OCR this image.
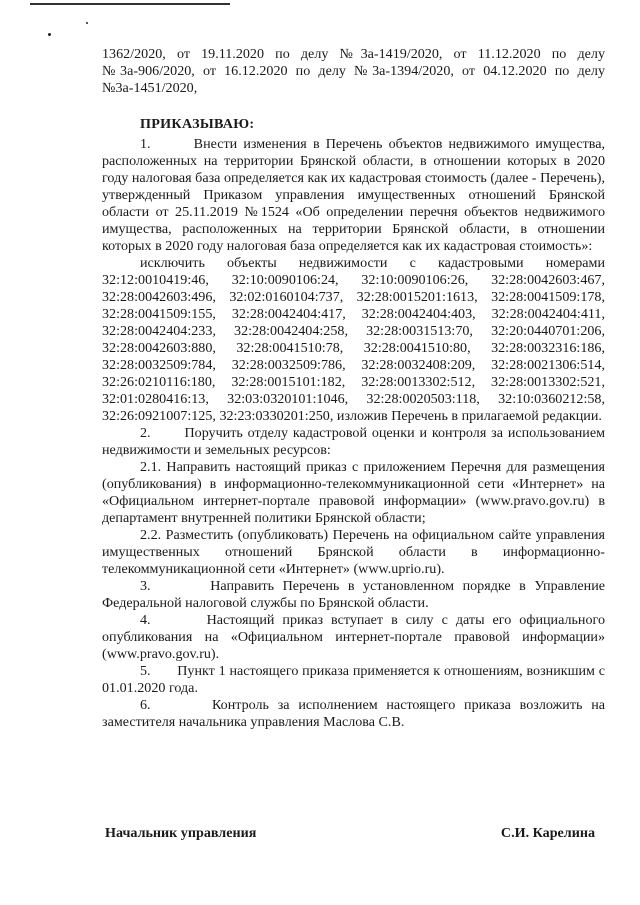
1362/2020, от 19.11.2020 по делу №3а-1419/2020, от 11.12.2020 по делу №3а-906/2020, от 16.12.2020 по делу №3а-1394/2020, от 04.12.2020 по делу №3а-1451/2020,

ПРИКАЗЫВАЮ:

1.       Внести изменения в Перечень объектов недвижимого имущества, расположенных на территории Брянской области, в отношении которых в 2020 году налоговая база определяется как их кадастровая стоимость (далее - Перечень), утвержденный Приказом управления имущественных отношений Брянской области от 25.11.2019 №1524 «Об определении перечня объектов недвижимого имущества, расположенных на территории Брянской области, в отношении которых в 2020 году налоговая база определяется как их кадастровая стоимость»:

исключить объекты недвижимости с кадастровыми номерами 32:12:0010419:46, 32:10:0090106:24, 32:10:0090106:26, 32:28:0042603:467, 32:28:0042603:496, 32:02:0160104:737, 32:28:0015201:1613, 32:28:0041509:178, 32:28:0041509:155, 32:28:0042404:417, 32:28:0042404:403, 32:28:0042404:411, 32:28:0042404:233, 32:28:0042404:258, 32:28:0031513:70, 32:20:0440701:206, 32:28:0042603:880, 32:28:0041510:78, 32:28:0041510:80, 32:28:0032316:186, 32:28:0032509:784, 32:28:0032509:786, 32:28:0032408:209, 32:28:0021306:514, 32:26:0210116:180, 32:28:0015101:182, 32:28:0013302:512, 32:28:0013302:521, 32:01:0280416:13, 32:03:0320101:1046, 32:28:0020503:118, 32:10:0360212:58, 32:26:0921007:125, 32:23:0330201:250, изложив Перечень в прилагаемой редакции.

2.       Поручить отделу кадастровой оценки и контроля за использованием недвижимости и земельных ресурсов:

2.1. Направить настоящий приказ с приложением Перечня для размещения (опубликования) в информационно-телекоммуникационной сети «Интернет» на «Официальном интернет-портале правовой информации» (www.pravo.gov.ru) в департамент внутренней политики Брянской области;

2.2. Разместить (опубликовать) Перечень на официальном сайте управления имущественных отношений Брянской области в информационно-телекоммуникационной сети «Интернет» (www.uprio.ru).

3.       Направить Перечень в установленном порядке в Управление Федеральной налоговой службы по Брянской области.

4.       Настоящий приказ вступает в силу с даты его официального опубликования на «Официальном интернет-портале правовой информации» (www.pravo.gov.ru).

5.       Пункт 1 настоящего приказа применяется к отношениям, возникшим с 01.01.2020 года.

6.       Контроль за исполнением настоящего приказа возложить на заместителя начальника управления Маслова С.В.

Начальник управления	С.И. Карелина
